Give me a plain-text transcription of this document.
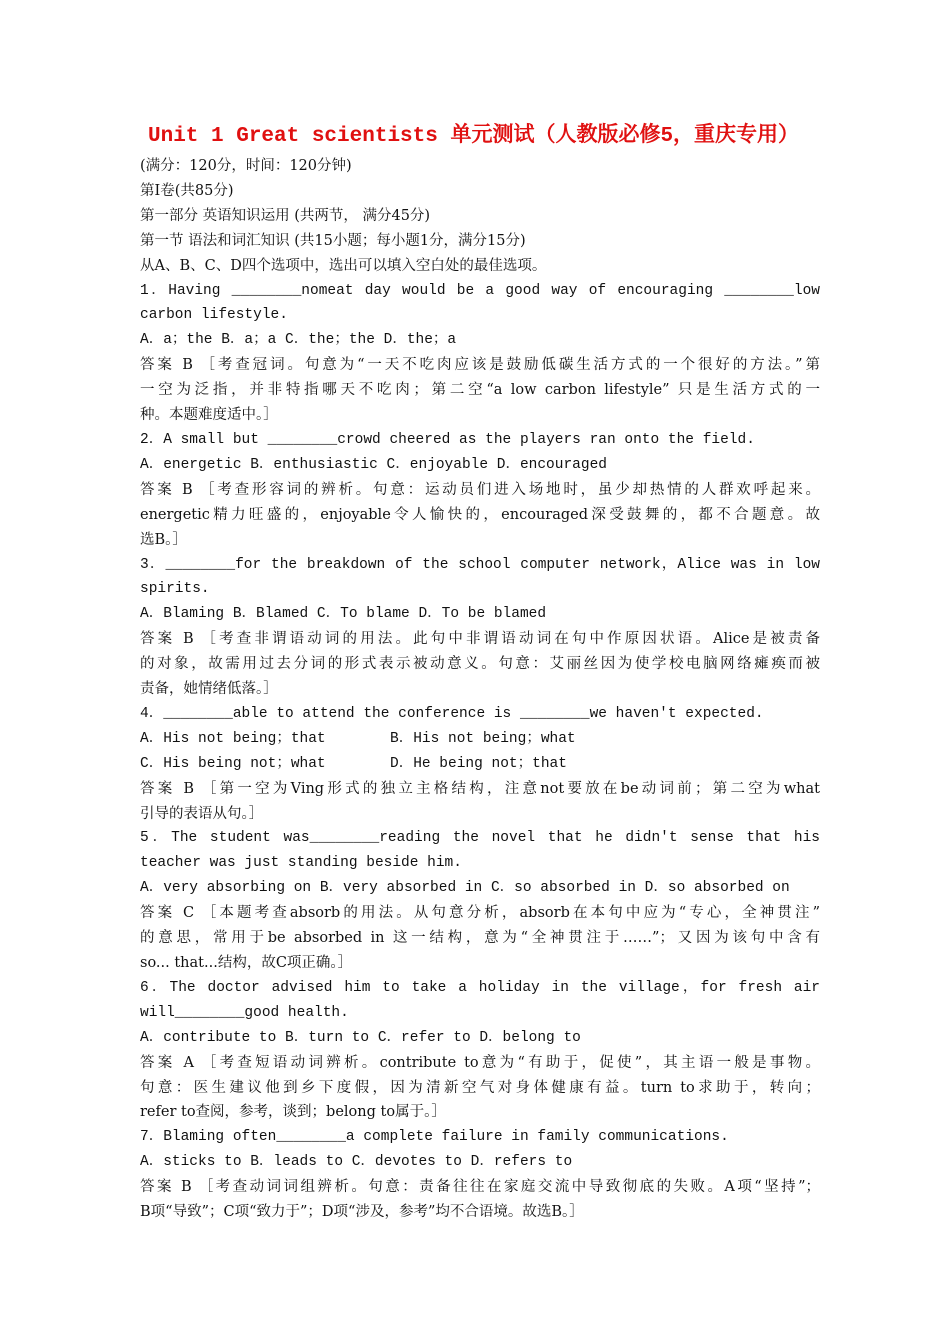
Unit 1 Great scientists 单元测试（人教版必修5，重庆专用）
(满分：120分，时间：120分钟)
第Ⅰ卷(共85分)
第一部分 英语知识运用 (共两节， 满分45分)
第一节 语法和词汇知识 (共15小题；每小题1分，满分15分)
从A、B、C、D四个选项中，选出可以填入空白处的最佳选项。
1．Having ________nomeat day would be a good way of encouraging ________low
carbon lifestyle.
A．a；the B．a；a C．the；the D．the；a
答案 B ［考查冠词。句意为“一天不吃肉应该是鼓励低碳生活方式的一个很好的方法。”第
一空为泛指，并非特指哪天不吃肉；第二空“a low carbon lifestyle” 只是生活方式的一
种。本题难度适中。］
2．A small but ________crowd cheered as the players ran onto the field.
A．energetic B．enthusiastic C．enjoyable D．encouraged
答案 B ［考查形容词的辨析。句意：运动员们进入场地时，虽少却热情的人群欢呼起来。
energetic精力旺盛的，enjoyable令人愉快的，encouraged深受鼓舞的，都不合题意。故
选B。］
3．________for the breakdown of the school computer network，Alice was in low
spirits.
A．Blaming B．Blamed C．To blame D．To be blamed
答案 B ［考查非谓语动词的用法。此句中非谓语动词在句中作原因状语。Alice是被责备
的对象，故需用过去分词的形式表示被动意义。句意：艾丽丝因为使学校电脑网络瘫痪而被
责备，她情绪低落。］
4．________able to attend the conference is ________we haven't expected.
A．His not being；that	B．His not being；what
C．His being not；what	D．He being not；that
答案 B ［第一空为Ving形式的独立主格结构，注意not要放在be动词前；第二空为what
引导的表语从句。］
5．The student was________reading the novel that he didn't sense that his
teacher was just standing beside him.
A．very absorbing on B．very absorbed in C．so absorbed in D．so absorbed on
答案 C ［本题考查absorb的用法。从句意分析，absorb在本句中应为“专心，全神贯注”
的意思，常用于be absorbed in 这一结构，意为“全神贯注于……”；又因为该句中含有
so... that...结构，故C项正确。］
6．The doctor advised him to take a holiday in the village，for fresh air
will________good health.
A．contribute to B．turn to C．refer to D．belong to
答案 A ［考查短语动词辨析。contribute to意为“有助于，促使”，其主语一般是事物。
句意：医生建议他到乡下度假，因为清新空气对身体健康有益。turn to求助于，转向；
refer to查阅，参考，谈到；belong to属于。］
7．Blaming often________a complete failure in family communications.
A．sticks to B．leads to C．devotes to D．refers to
答案 B ［考查动词词组辨析。句意：责备往往在家庭交流中导致彻底的失败。A项“坚持”；
B项“导致”；C项“致力于”；D项“涉及，参考”均不合语境。故选B。］
